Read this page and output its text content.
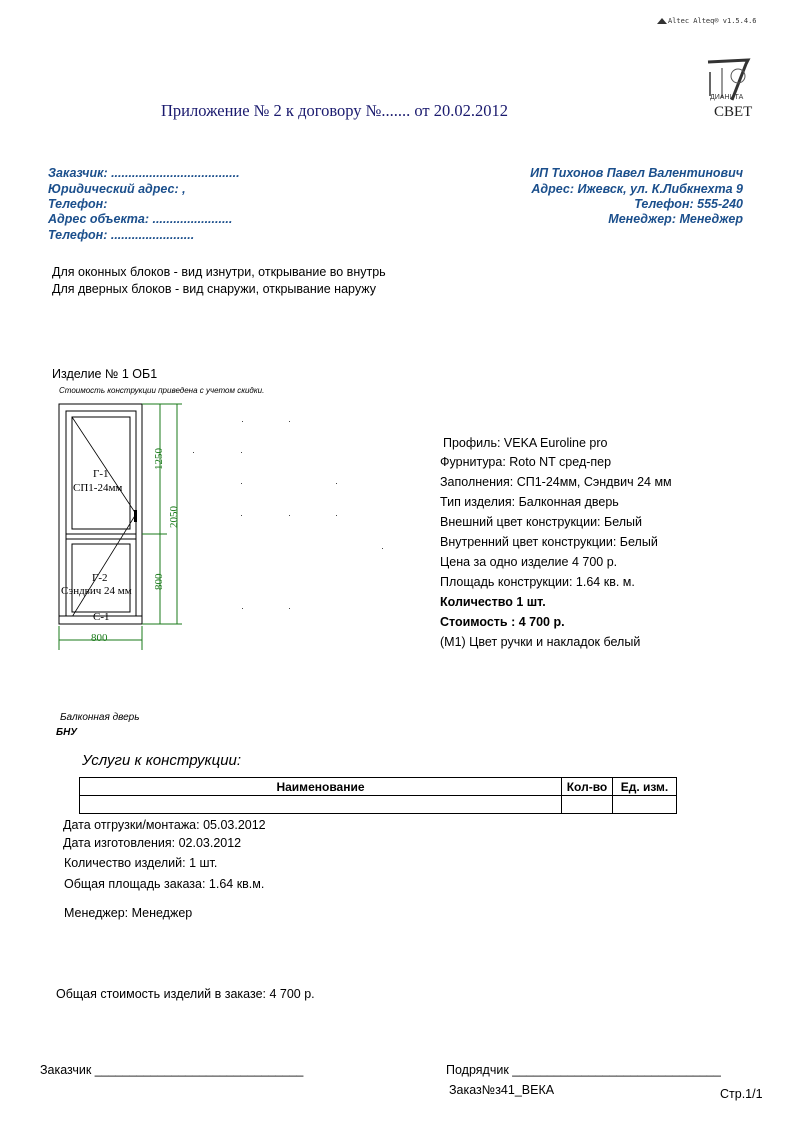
Altec Alteq® v1.5.4.6
Приложение № 2 к договору №....... от 20.02.2012
ДИАНИТА
СВЕТ
Заказчик: .....................................
Юридический адрес: ,
Телефон:
Адрес объекта: .......................
Телефон: ........................
ИП Тихонов Павел Валентинович
Адрес: Ижевск, ул. К.Либкнехта 9
Телефон: 555-240
Менеджер: Менеджер
Для оконных блоков - вид изнутри, открывание во внутрь
Для дверных блоков - вид снаружи, открывание наружу
Изделие № 1 ОБ1
Стоимость конструкции приведена с учетом скидки.
Г-1
СП1-24мм
Г-2
Сэндвич 24 мм
С-1
1250
2050
800
800
Профиль: VEKA Euroline pro
Фурнитура: Roto NT сред-пер
Заполнения: СП1-24мм, Сэндвич 24 мм
Тип изделия: Балконная дверь
Внешний цвет конструкции: Белый
Внутренний цвет конструкции: Белый
Цена за одно изделие 4 700 р.
Площадь конструкции: 1.64 кв. м.
Количество 1 шт.
Стоимость : 4 700 р.
(М1) Цвет ручки и накладок белый
Балконная дверь
БНУ
Услуги к конструкции:
Наименование	Кол-во	Ед. изм.

Дата отгрузки/монтажа: 05.03.2012
Дата изготовления: 02.03.2012
Количество изделий: 1 шт.
Общая площадь заказа: 1.64 кв.м.
Менеджер: Менеджер
Общая стоимость изделий в заказе: 4 700 р.
Заказчик ______________________________	Подрядчик ______________________________
Заказ№з41_ВЕКА	Стр.1/1
